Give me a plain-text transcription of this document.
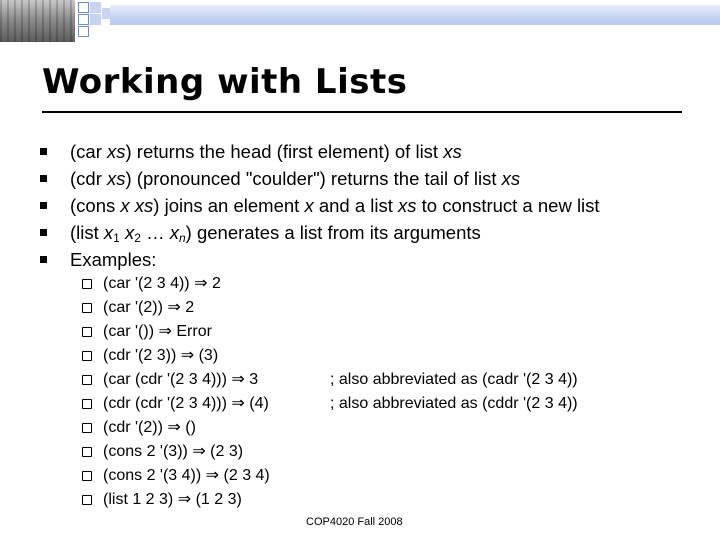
Working with Lists
(car xs) returns the head (first element) of list xs
(cdr xs) (pronounced "coulder") returns the tail of list xs
(cons x xs) joins an element x and a list xs to construct a new list
(list $x_1$ $x_2$ … $x_n$) generates a list from its arguments
Examples:
(car '(2 3 4)) ⇒ 2
(car '(2)) ⇒ 2
(car '()) ⇒ Error
(cdr '(2 3)) ⇒ (3)
(car (cdr '(2 3 4))) ⇒ 3	; also abbreviated as (cadr '(2 3 4))
(cdr (cdr '(2 3 4))) ⇒ (4)	; also abbreviated as (cddr '(2 3 4))
(cdr '(2)) ⇒ ()
(cons 2 '(3)) ⇒ (2 3)
(cons 2 '(3 4)) ⇒ (2 3 4)
(list 1 2 3) ⇒ (1 2 3)
COP4020 Fall 2008
